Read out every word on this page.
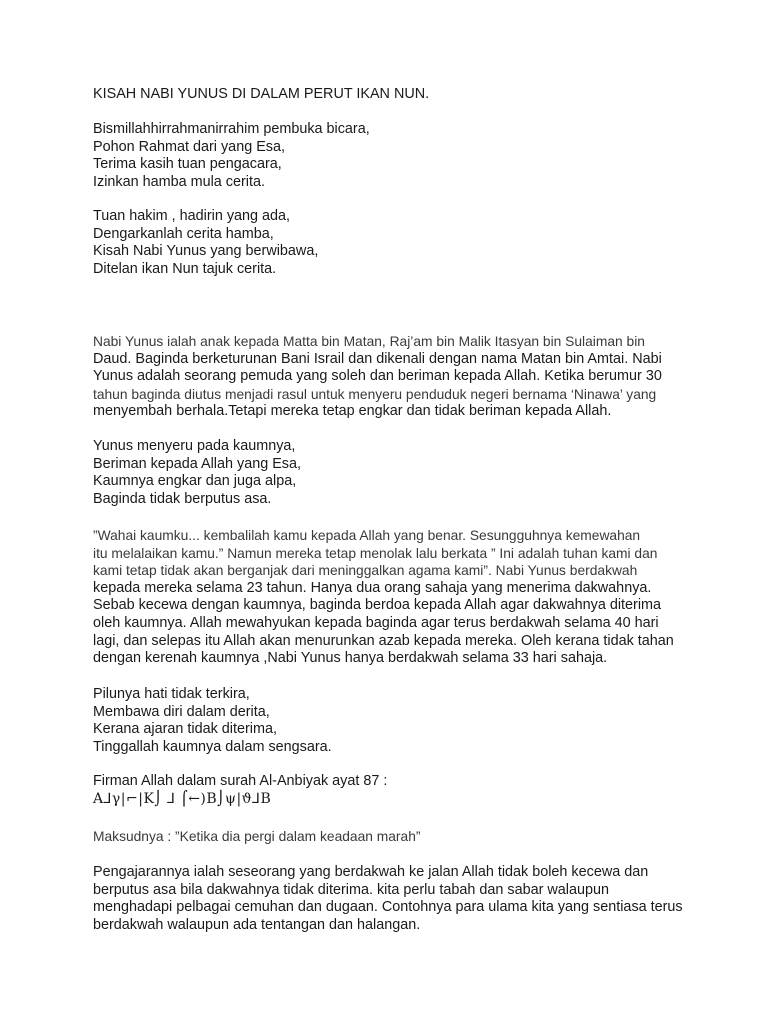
KISAH NABI YUNUS DI DALAM PERUT IKAN NUN.
Bismillahhirrahmanirrahim pembuka bicara,
Pohon Rahmat dari yang Esa,
Terima kasih tuan pengacara,
Izinkan hamba mula cerita.
Tuan hakim , hadirin yang ada,
Dengarkanlah cerita hamba,
Kisah Nabi Yunus yang berwibawa,
Ditelan ikan Nun tajuk cerita.
Nabi Yunus ialah anak kepada Matta bin Matan, Raj’am bin Malik Itasyan bin Sulaiman bin
Daud. Baginda berketurunan Bani Israil dan dikenali dengan nama Matan bin Amtai. Nabi
Yunus adalah seorang pemuda yang soleh dan beriman kepada Allah. Ketika berumur 30
tahun baginda diutus menjadi rasul untuk menyeru penduduk negeri bernama ‘Ninawa’ yang
menyembah berhala.Tetapi mereka tetap engkar dan tidak beriman kepada Allah.
Yunus menyeru pada kaumnya,
Beriman kepada Allah yang Esa,
Kaumnya engkar dan juga alpa,
Baginda tidak berputus asa.
”Wahai kaumku... kembalilah kamu kepada Allah yang benar. Sesungguhnya kemewahan
itu melalaikan kamu.” Namun mereka tetap menolak lalu berkata ” Ini adalah tuhan kami dan
kami tetap tidak akan berganjak dari meninggalkan agama kami”. Nabi Yunus berdakwah
kepada mereka selama 23 tahun. Hanya dua orang sahaja yang menerima dakwahnya.
Sebab kecewa dengan kaumnya, baginda berdoa kepada Allah agar dakwahnya diterima
oleh kaumnya. Allah mewahyukan kepada baginda agar terus berdakwah selama 40 hari
lagi, dan selepas itu Allah akan menurunkan azab kepada mereka. Oleh kerana tidak tahan
dengan kerenah kaumnya ,Nabi Yunus hanya berdakwah selama 33 hari sahaja.
Pilunya hati tidak terkira,
Membawa diri dalam derita,
Kerana ajaran tidak diterima,
Tinggallah kaumnya dalam sengsara.
Firman Allah dalam surah Al-Anbiyak ayat 87 :
A⅃γ|⌐|K⌡ ⅃ ⌠←)B⌡ψ|ϑ⅃B
Maksudnya : ”Ketika dia pergi dalam keadaan marah”
Pengajarannya ialah seseorang yang berdakwah ke jalan Allah tidak boleh kecewa dan
berputus asa bila dakwahnya tidak diterima. kita perlu tabah dan sabar walaupun
menghadapi pelbagai cemuhan dan dugaan. Contohnya para ulama kita yang sentiasa terus
berdakwah walaupun ada tentangan dan halangan.
